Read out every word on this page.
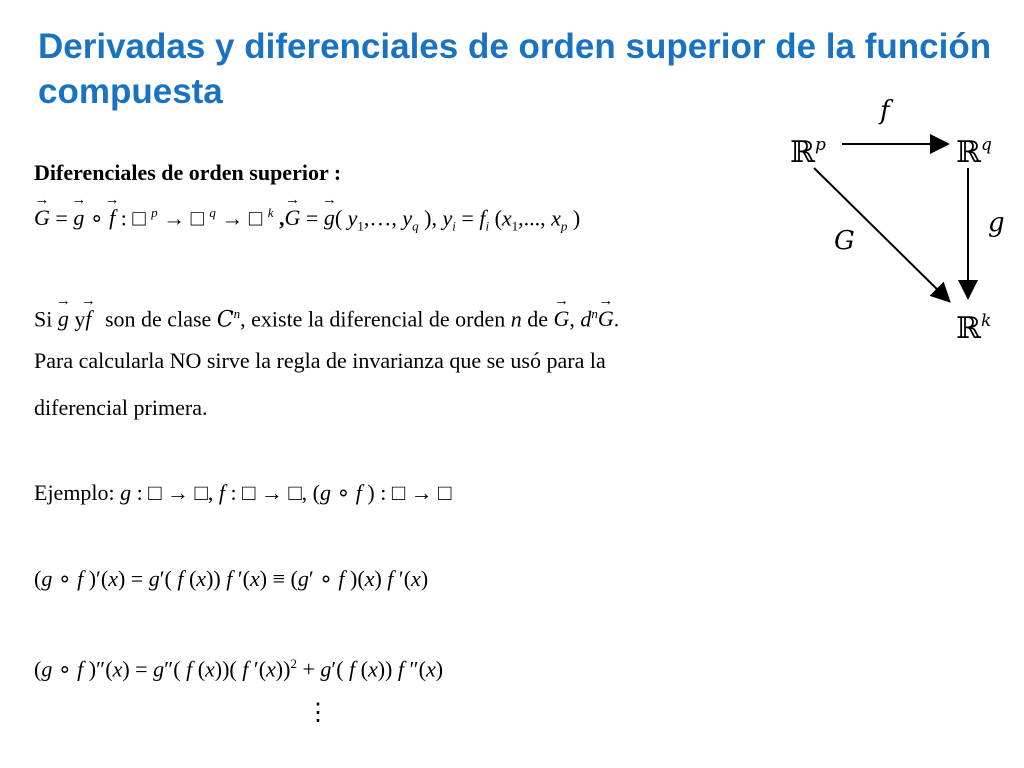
Derivadas y diferenciales de orden superior de la función compuesta
Diferenciales de orden superior :
→ G = → g ∘ → f : □ $^p$ → □ $^q$ → □ $^k$ ,→ G = → g( $y_1,\dots$, $y_q$ ), $y_i = f_i$ ($x_1$,..., $x_p$ )
Si → g y→ f son de clase $C^n$, existe la diferencial de orden n de → G, $d^n\to G$.
Para calcularla NO sirve la regla de invarianza que se usó para la
diferencial primera.
Ejemplo: g : □ → □, f : □ → □, (g ∘ f ) : □ → □
(g ∘ f )′(x) = g′( f (x)) f ′(x) ≡ (g′ ∘ f )(x) f ′(x)
(g ∘ f )″(x) = g″( f (x))( f ′(x))$^2$ + g′( f (x)) f ″(x)
⋮
ℝ$^p$	ℝ$^q$
ℝ$^k$
f
g
G
